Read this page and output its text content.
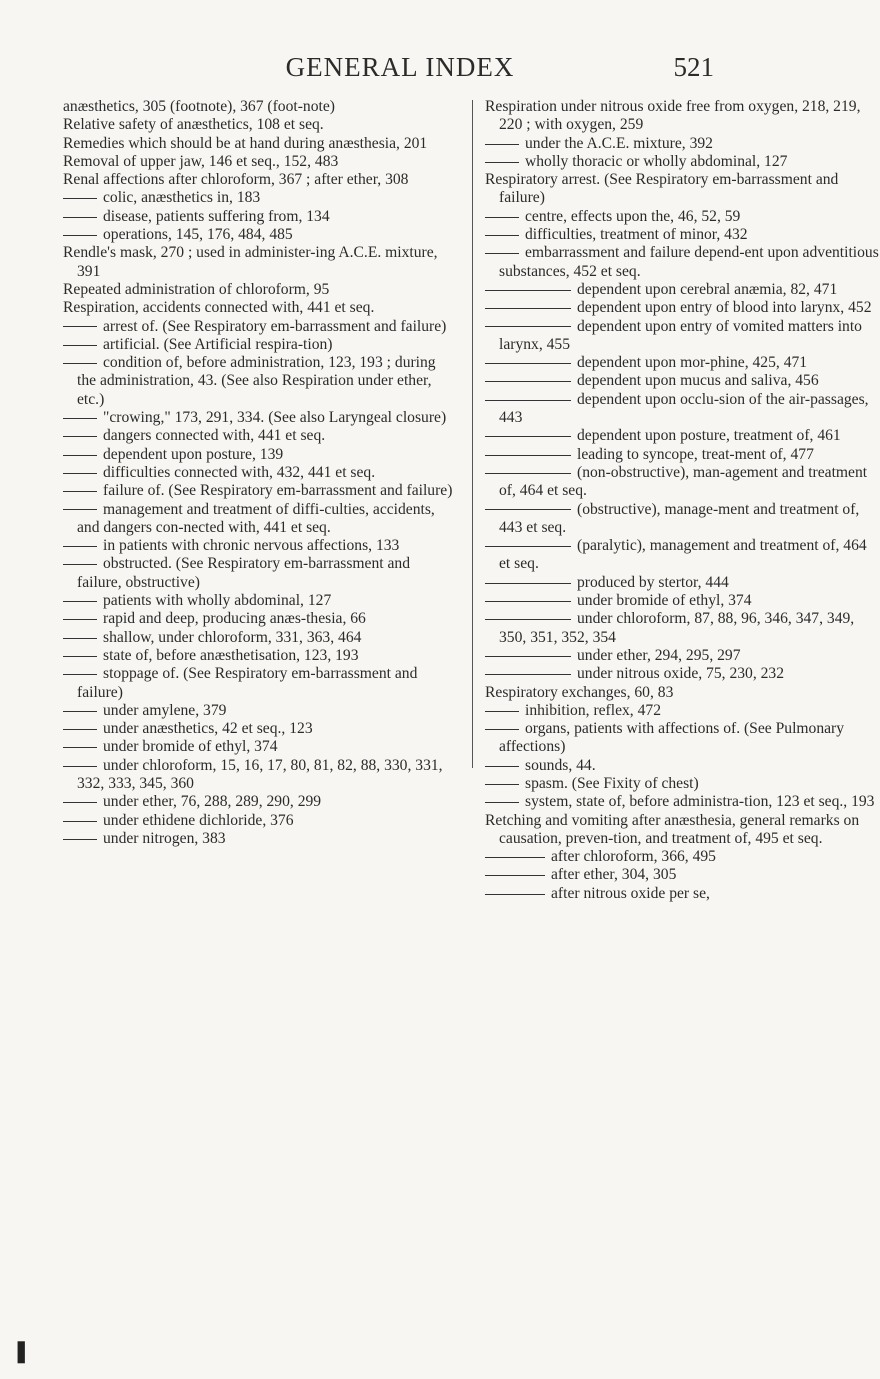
GENERAL INDEX	521

anæsthetics, 305 (footnote), 367 (foot-note)

Relative safety of anæsthetics, 108 et seq.

Remedies which should be at hand during anæsthesia, 201

Removal of upper jaw, 146 et seq., 152, 483

Renal affections after chloroform, 367 ; after ether, 308

colic, anæsthetics in, 183

disease, patients suffering from, 134

operations, 145, 176, 484, 485

Rendle's mask, 270 ; used in administer-ing A.C.E. mixture, 391

Repeated administration of chloroform, 95

Respiration, accidents connected with, 441 et seq.

arrest of. (See Respiratory em-barrassment and failure)

artificial. (See Artificial respira-tion)

condition of, before administration, 123, 193 ; during the administration, 43. (See also Respiration under ether, etc.)

"crowing," 173, 291, 334. (See also Laryngeal closure)

dangers connected with, 441 et seq.

dependent upon posture, 139

difficulties connected with, 432, 441 et seq.

failure of. (See Respiratory em-barrassment and failure)

management and treatment of diffi-culties, accidents, and dangers con-nected with, 441 et seq.

in patients with chronic nervous affections, 133

obstructed. (See Respiratory em-barrassment and failure, obstructive)

patients with wholly abdominal, 127

rapid and deep, producing anæs-thesia, 66

shallow, under chloroform, 331, 363, 464

state of, before anæsthetisation, 123, 193

stoppage of. (See Respiratory em-barrassment and failure)

under amylene, 379

under anæsthetics, 42 et seq., 123

under bromide of ethyl, 374

under chloroform, 15, 16, 17, 80, 81, 82, 88, 330, 331, 332, 333, 345, 360

under ether, 76, 288, 289, 290, 299

under ethidene dichloride, 376

under nitrogen, 383

Respiration under nitrous oxide free from oxygen, 218, 219, 220 ; with oxygen, 259

under the A.C.E. mixture, 392

wholly thoracic or wholly abdominal, 127

Respiratory arrest. (See Respiratory em-barrassment and failure)

centre, effects upon the, 46, 52, 59

difficulties, treatment of minor, 432

embarrassment and failure depend-ent upon adventitious substances, 452 et seq.

dependent upon cerebral anæmia, 82, 471

dependent upon entry of blood into larynx, 452

dependent upon entry of vomited matters into larynx, 455

dependent upon mor-phine, 425, 471

dependent upon mucus and saliva, 456

dependent upon occlu-sion of the air-passages, 443

dependent upon posture, treatment of, 461

leading to syncope, treat-ment of, 477

(non-obstructive), man-agement and treatment of, 464 et seq.

(obstructive), manage-ment and treatment of, 443 et seq.

(paralytic), management and treatment of, 464 et seq.

produced by stertor, 444

under bromide of ethyl, 374

under chloroform, 87, 88, 96, 346, 347, 349, 350, 351, 352, 354

under ether, 294, 295, 297

under nitrous oxide, 75, 230, 232

Respiratory exchanges, 60, 83

inhibition, reflex, 472

organs, patients with affections of. (See Pulmonary affections)

sounds, 44.

spasm. (See Fixity of chest)

system, state of, before administra-tion, 123 et seq., 193

Retching and vomiting after anæsthesia, general remarks on causation, preven-tion, and treatment of, 495 et seq.

after chloroform, 366, 495

after ether, 304, 305

after nitrous oxide per se,

❚
